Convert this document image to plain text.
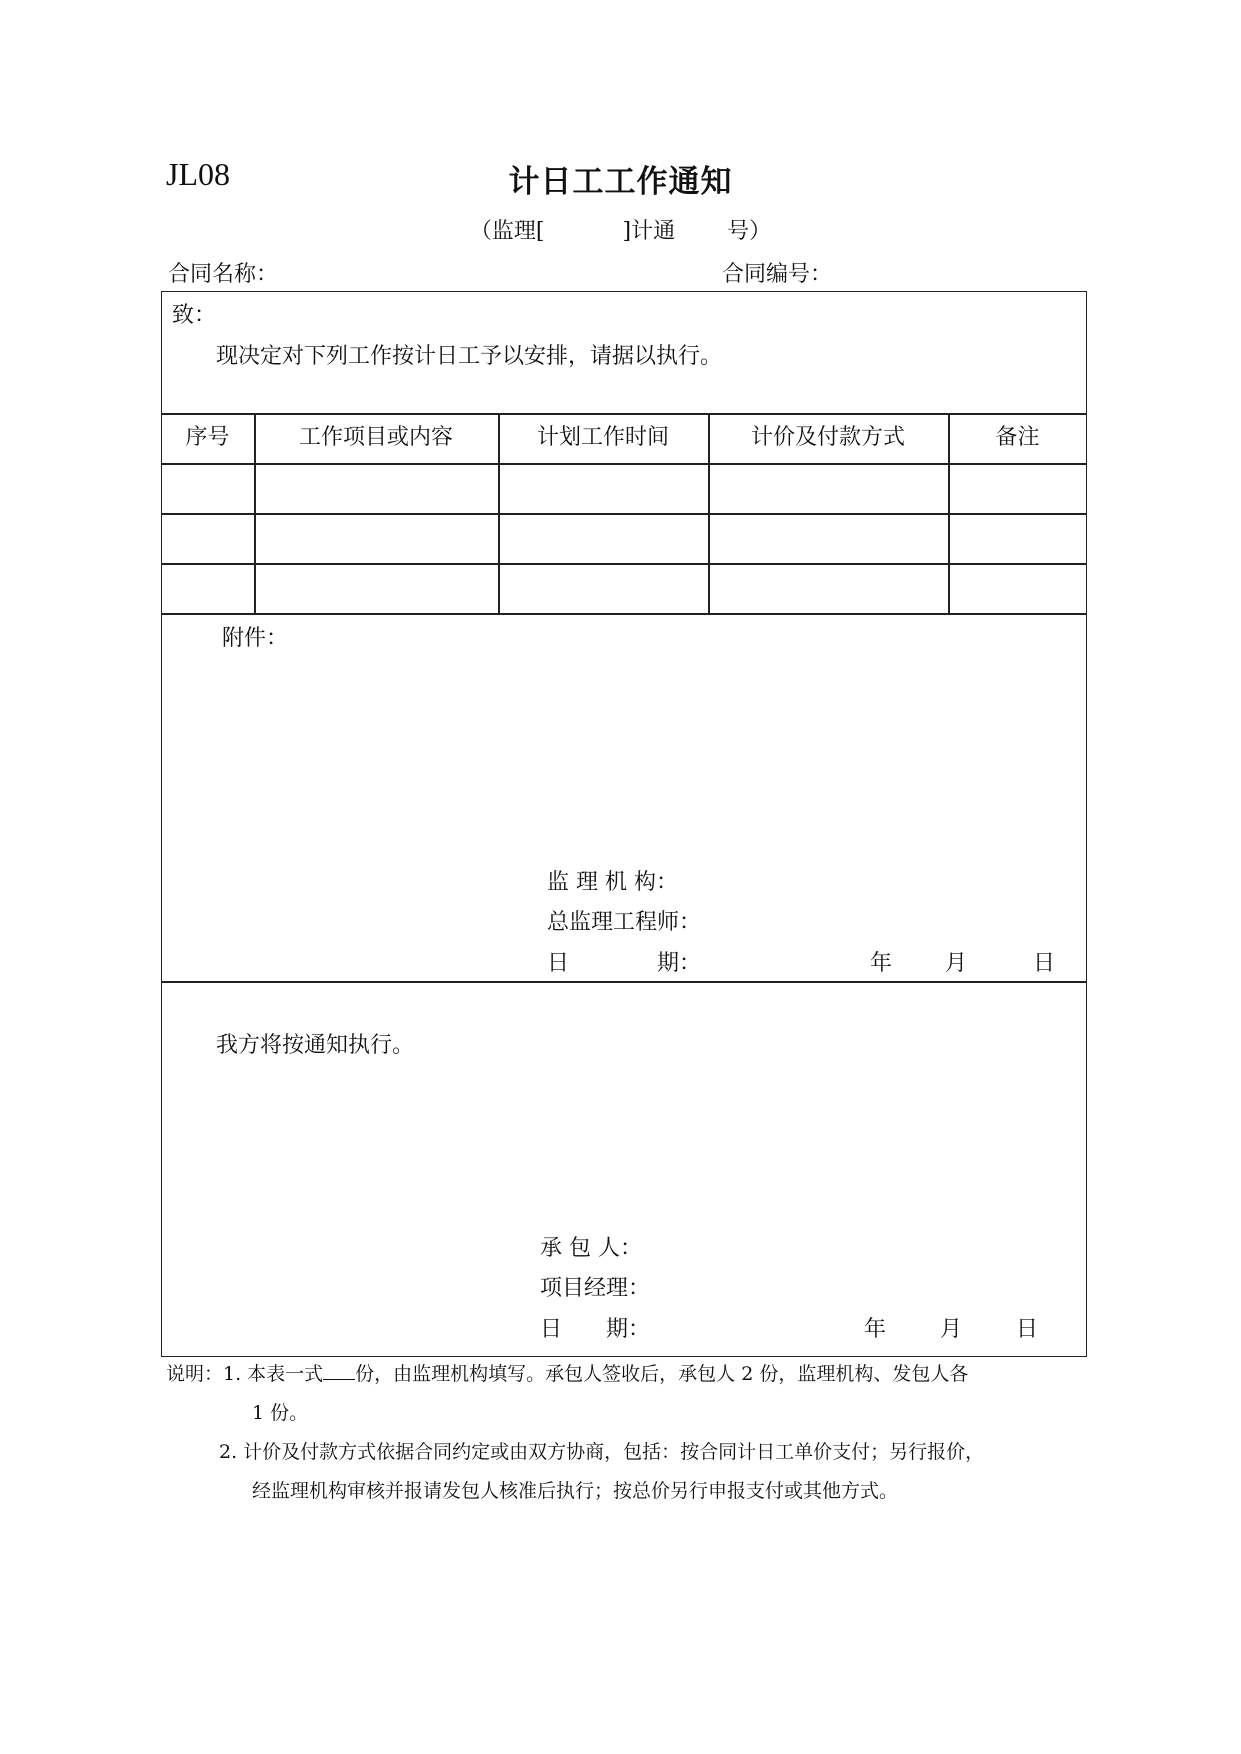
JL08	计日工工作通知
（监理[	]计通 号）
合同名称：	合同编号：
致：
现决定对下列工作按计日工予以安排，请据以执行。
序号	工作项目或内容	计划工作时间	计价及付款方式	备注
附件：
监 理 机 构：
总监理工程师：
日　　　　期：	年 月	日
我方将按通知执行。
承 包 人：
项目经理：
日　　期：	年 月 日
说明：1. 本表一式 份，由监理机构填写。承包人签收后，承包人 2 份，监理机构、发包人各
1 份。
2. 计价及付款方式依据合同约定或由双方协商，包括：按合同计日工单价支付；另行报价，
经监理机构审核并报请发包人核准后执行；按总价另行申报支付或其他方式。
